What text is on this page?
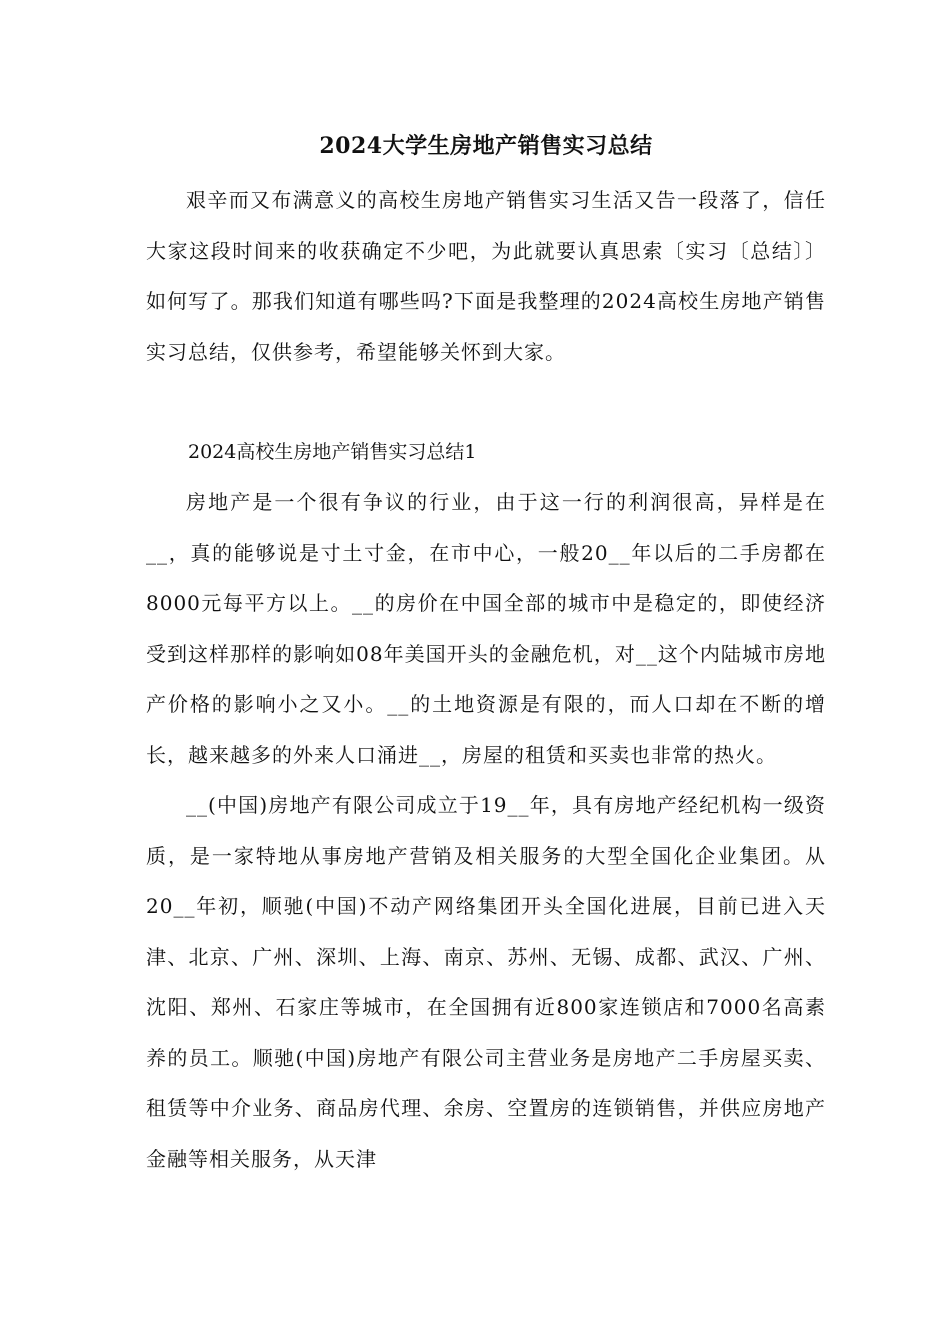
2024大学生房地产销售实习总结

艰辛而又布满意义的高校生房地产销售实习生活又告一段落了，信任大家这段时间来的收获确定不少吧，为此就要认真思索〔实习〔总结〕〕如何写了。那我们知道有哪些吗?下面是我整理的2024高校生房地产销售实习总结，仅供参考，希望能够关怀到大家。

2024高校生房地产销售实习总结1

房地产是一个很有争议的行业，由于这一行的利润很高，异样是在__，真的能够说是寸土寸金，在市中心，一般20__年以后的二手房都在8000元每平方以上。__的房价在中国全部的城市中是稳定的，即使经济受到这样那样的影响如08年美国开头的金融危机，对__这个内陆城市房地产价格的影响小之又小。__的土地资源是有限的，而人口却在不断的增长，越来越多的外来人口涌进__，房屋的租赁和买卖也非常的热火。

__(中国)房地产有限公司成立于19__年，具有房地产经纪机构一级资质，是一家特地从事房地产营销及相关服务的大型全国化企业集团。从20__年初，顺驰(中国)不动产网络集团开头全国化进展，目前已进入天津、北京、广州、深圳、上海、南京、苏州、无锡、成都、武汉、广州、沈阳、郑州、石家庄等城市，在全国拥有近800家连锁店和7000名高素养的员工。顺驰(中国)房地产有限公司主营业务是房地产二手房屋买卖、租赁等中介业务、商品房代理、余房、空置房的连锁销售，并供应房地产金融等相关服务，从天津
